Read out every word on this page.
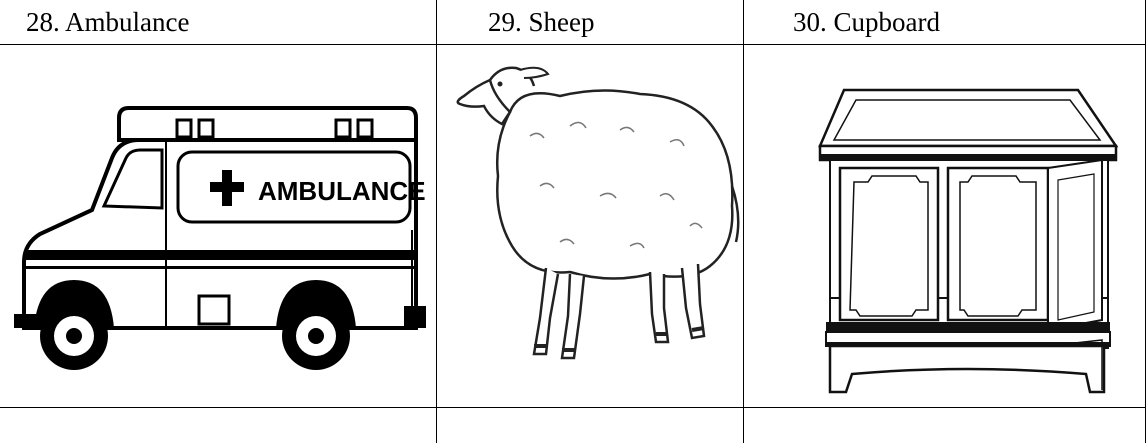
28. Ambulance	29. Sheep	30. Cupboard
AMBULANCE
